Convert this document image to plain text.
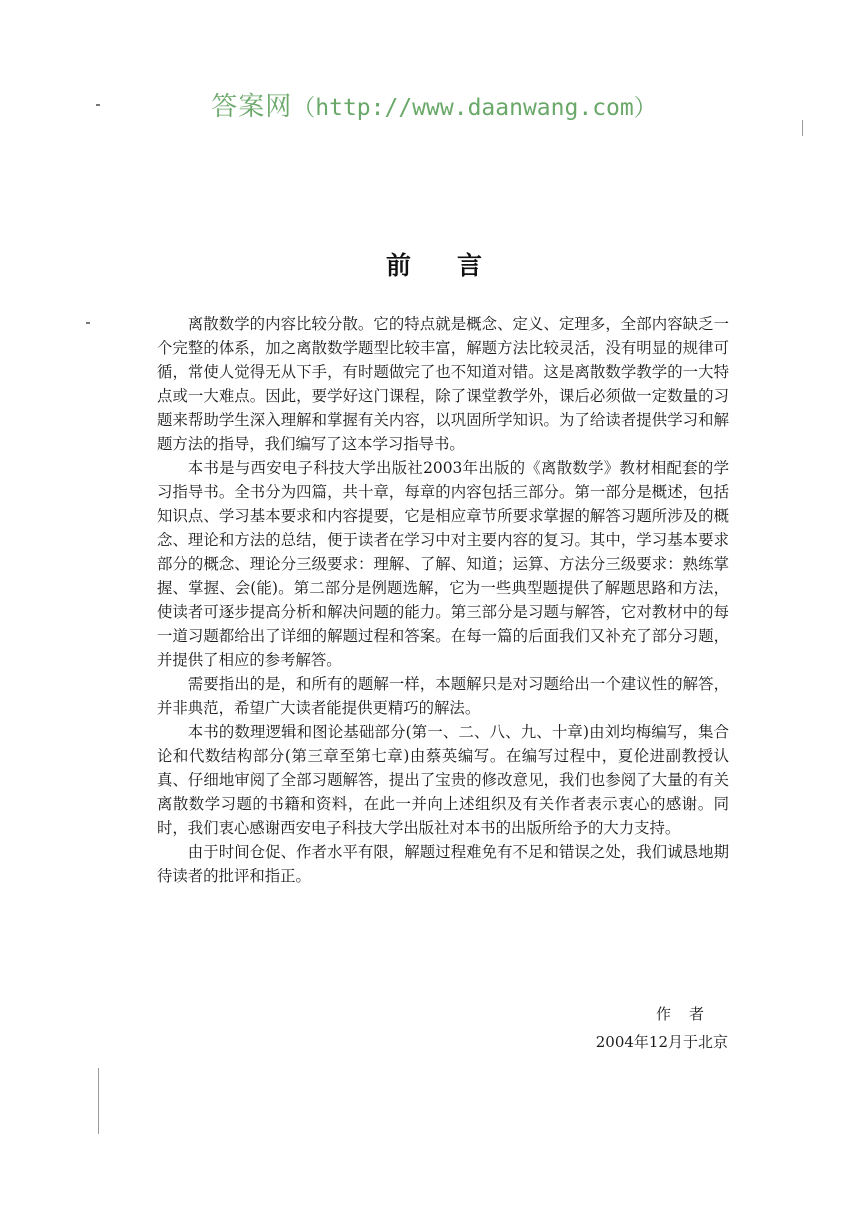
答案网（http://www.daanwang.com）
前言

离散数学的内容比较分散。它的特点就是概念、定义、定理多，全部内容缺乏一个完整的体系，加之离散数学题型比较丰富，解题方法比较灵活，没有明显的规律可循，常使人觉得无从下手，有时题做完了也不知道对错。这是离散数学教学的一大特点或一大难点。因此，要学好这门课程，除了课堂教学外，课后必须做一定数量的习题来帮助学生深入理解和掌握有关内容，以巩固所学知识。为了给读者提供学习和解题方法的指导，我们编写了这本学习指导书。

本书是与西安电子科技大学出版社2003年出版的《离散数学》教材相配套的学习指导书。全书分为四篇，共十章，每章的内容包括三部分。第一部分是概述，包括知识点、学习基本要求和内容提要，它是相应章节所要求掌握的解答习题所涉及的概念、理论和方法的总结，便于读者在学习中对主要内容的复习。其中，学习基本要求部分的概念、理论分三级要求：理解、了解、知道；运算、方法分三级要求：熟练掌握、掌握、会(能)。第二部分是例题选解，它为一些典型题提供了解题思路和方法，使读者可逐步提高分析和解决问题的能力。第三部分是习题与解答，它对教材中的每一道习题都给出了详细的解题过程和答案。在每一篇的后面我们又补充了部分习题，并提供了相应的参考解答。

需要指出的是，和所有的题解一样，本题解只是对习题给出一个建议性的解答，并非典范，希望广大读者能提供更精巧的解法。

本书的数理逻辑和图论基础部分(第一、二、八、九、十章)由刘均梅编写，集合论和代数结构部分(第三章至第七章)由蔡英编写。在编写过程中，夏伦进副教授认真、仔细地审阅了全部习题解答，提出了宝贵的修改意见，我们也参阅了大量的有关离散数学习题的书籍和资料，在此一并向上述组织及有关作者表示衷心的感谢。同时，我们衷心感谢西安电子科技大学出版社对本书的出版所给予的大力支持。

由于时间仓促、作者水平有限，解题过程难免有不足和错误之处，我们诚恳地期待读者的批评和指正。

作者
2004年12月于北京
